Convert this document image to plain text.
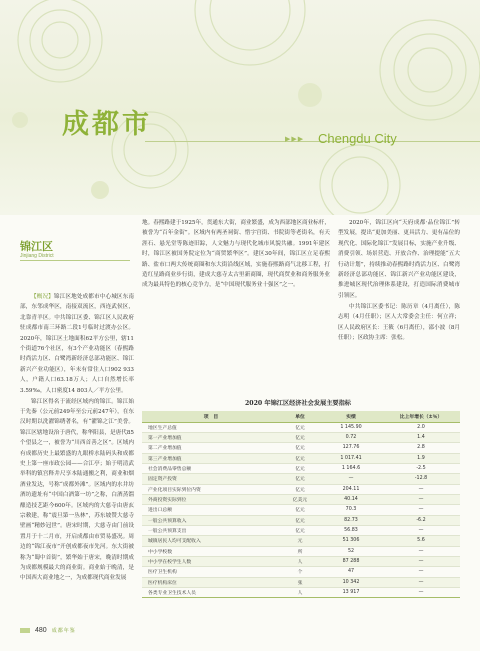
成都市	▶▶▶ Chengdu City
锦江区
Jinjiang District

【概况】锦江区地处成都市中心城区东南部，东邻成华区，南接双流区，西连武侯区，北靠青羊区。中共锦江区委、锦江区人民政府驻成都市南三环路二段1号临时过渡办公区。2020年，锦江区土地面积62平方公里，辖11个街道76个社区，有3个产业功能区（春熙路时尚活力区、白鹭湾新经济总部功能区、锦江新兴产业功能区），年末有常住人口902 933人，户籍人口63.18万人；人口自然增长率3.59‰，人口密度14 803人／平方公里。

锦江区得名于流经区域内的锦江。锦江始于先秦（公元前249年至公元前247年），在东汉时期以洗濯锦绣著名，有“濯锦之江”美誉。锦江区辖地设治于唐代，称华阳县，是唐代85个望县之一，被誉为“川西首善之区”。区域内有成都历史上最繁盛的九眼桥水陆码头和成都史上第一座市政公园——合江亭；始于明清武举科的镇宫释井尺享本陆通搬之利，商业和烟酒业发达，号称“成都外滩”。区域内的水井坊酒坊遗址有“中国白酒第一坊”之称，白酒蒸馏酿造技艺距今600年。区域内的大慈寺由唐玄宗敕建，称“震旦第一丛林”，苏东坡赞大慈寺壁画“精妙冠世”。唐宋时期，大慈寺由门前设置月于十二月市，开启成都由市贸易盛况。周边的“锦江夜市”开创成都夜市先河。东大街被称为“蜀中首街”，繁华始于唐宋，晚清时期成为成都规模最大的商业街。商业始于晚清，是中国西大商业地之一，为成都现代商业发展

地。春熙路建于1925年，贯通东大街，商业繁盛，成为西部地区商业标杆，被誉为“百年金街”。区域内有两圣祠街、惜字宫街、书院街等老街名，有天涯石、悬光堂等陈迹旧踪，人文魅力与现代化城市风貌共融。1991年建区时，锦江区被国务院定位为“商贸繁华区”。建区30年间，锦江区立足春熙路、盐市口两大传统商圈和东大街沿线区域，实施春熙路商气北移工程，打造红星路商业步行街，建成大慈寺太古里新商圈，现代商贸业和商务服务业成为最具特色的核心竞争力，是“中国现代服务业十强区”之一。

2020年，锦江区向“天府成都·品位锦江”转型发展，提出“更加美丽、更具活力、更有品位的现代化、国际化锦江”发展目标，实施产业升级、消费引领、场景营造、开放合作、治理提能“五大行动计划”，持续推动春熙路时尚活力区、白鹭湾新经济总部功能区、锦江新兴产业功能区建设，推进城区现代治理体系建设，打造国际消费城市引领区。

中共锦江区委书记：陈历章（4月离任），陈志明（4月任职）；区人大常委会主任：何立祥；区人民政府区长：王筱（6月离任），邵小波（8月任职）；区政协主席：张松。

2020 年锦江区经济社会发展主要指标
项　目	单位	实绩	比上年增长（±％）
地区生产总值	亿元	1 145.90	2.0
第一产业增加值	亿元	0.72	1.4
第二产业增加值	亿元	127.76	2.8
第三产业增加值	亿元	1 017.41	1.9
社会消费品零售总额	亿元	1 164.6	-2.5
固定资产投资	亿元	—	-12.8
产业化项目实际到位内资	亿元	204.11	—
外商投资实际到位	亿美元	40.14	—
进出口总额	亿元	70.3	—
一般公共预算收入	亿元	82.73	-6.2
一般公共预算支出	亿元	56.83	—
城镇居民人均可支配收入	元	51 306	5.6
中小学校数	所	52	—
中小学在校学生人数	人	87 288	—
医疗卫生机构	个	47	—
医疗机构床位	张	10 342	—
各类专业卫生技术人员	人	13 917	—
480 成都年鉴
